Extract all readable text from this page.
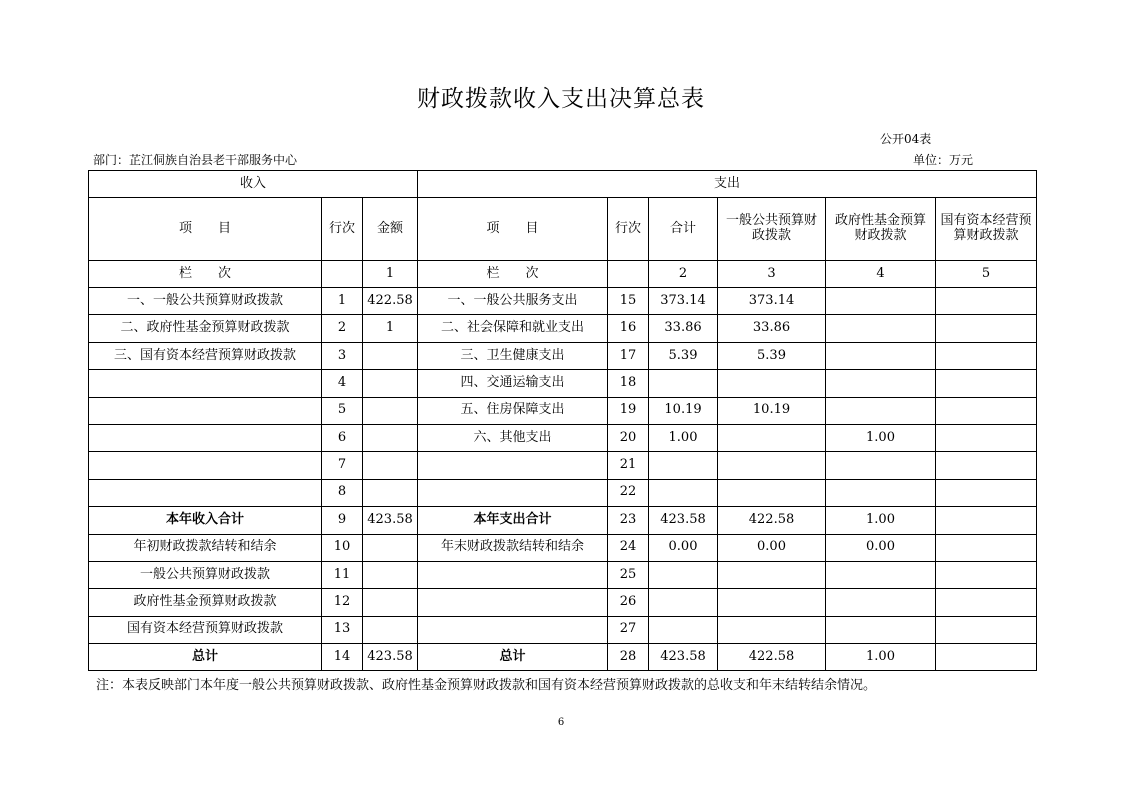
财政拨款收入支出决算总表
公开04表
部门：芷江侗族自治县老干部服务中心	单位：万元
收入			支出					
项　　目	行次	金额	项　　目	行次	合计	一般公共预算财政拨款	政府性基金预算财政拨款	国有资本经营预算财政拨款
栏　　次		1	栏　　次		2	3	4	5
一、一般公共预算财政拨款	1	422.58	一、一般公共服务支出	15	373.14	373.14		
二、政府性基金预算财政拨款	2	1	二、社会保障和就业支出	16	33.86	33.86		
三、国有资本经营预算财政拨款	3		三、卫生健康支出	17	5.39	5.39		
	4		四、交通运输支出	18				
	5		五、住房保障支出	19	10.19	10.19		
	6		六、其他支出	20	1.00		1.00	
	7			21				
	8			22				
本年收入合计	9	423.58	本年支出合计	23	423.58	422.58	1.00	
年初财政拨款结转和结余	10		年末财政拨款结转和结余	24	0.00	0.00	0.00	
一般公共预算财政拨款	11			25				
政府性基金预算财政拨款	12			26				
国有资本经营预算财政拨款	13			27				
总计	14	423.58	总计	28	423.58	422.58	1.00	
注：本表反映部门本年度一般公共预算财政拨款、政府性基金预算财政拨款和国有资本经营预算财政拨款的总收支和年末结转结余情况。
6
